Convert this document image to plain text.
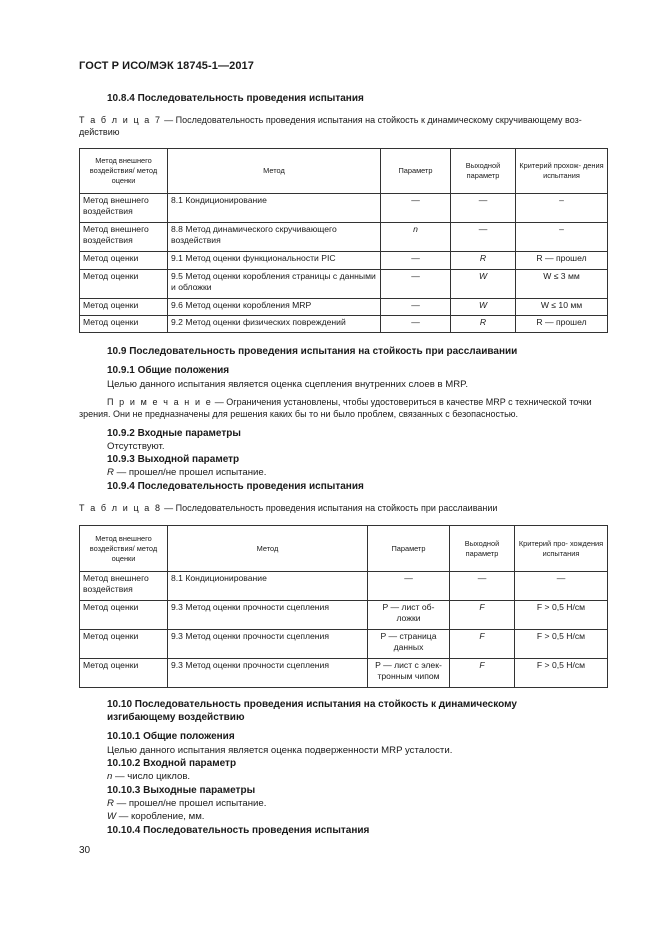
ГОСТ Р ИСО/МЭК 18745-1—2017
10.8.4 Последовательность проведения испытания
Т а б л и ц а 7 — Последовательность проведения испытания на стойкость к динамическому скручивающему воз-
действию
Метод внешнего воздействия/ метод оценки	Метод	Параметр	Выходной параметр	Критерий прохож- дения испытания
Метод внешнего воздействия	8.1 Кондиционирование	—	—	–
Метод внешнего воздействия	8.8 Метод динамического скручивающего воздействия	n	—	–
Метод оценки	9.1 Метод оценки функциональности PIC	—	R	R — прошел
Метод оценки	9.5 Метод оценки коробления страницы с данными и обложки	—	W	W ≤ 3 мм
Метод оценки	9.6 Метод оценки коробления MRP	—	W	W ≤ 10 мм
Метод оценки	9.2 Метод оценки физических повреждений	—	R	R — прошел
10.9 Последовательность проведения испытания на стойкость при расслаивании
10.9.1 Общие положения
Целью данного испытания является оценка сцепления внутренних слоев в MRP.
П р и м е ч а н и е — Ограничения установлены, чтобы удостовериться в качестве MRP с технической точки
зрения. Они не предназначены для решения каких бы то ни было проблем, связанных с безопасностью.
10.9.2 Входные параметры
Отсутствуют.
10.9.3 Выходной параметр
R — прошел/не прошел испытание.
10.9.4 Последовательность проведения испытания
Т а б л и ц а 8 — Последовательность проведения испытания на стойкость при расслаивании
Метод внешнего воздействия/ метод оценки	Метод	Параметр	Выходной параметр	Критерий про- хождения испытания
Метод внешнего воздействия	8.1 Кондиционирование	—	—	—
Метод оценки	9.3 Метод оценки прочности сцепления	P — лист об- ложки	F	F > 0,5 Н/см
Метод оценки	9.3 Метод оценки прочности сцепления	P — страница данных	F	F > 0,5 Н/см
Метод оценки	9.3 Метод оценки прочности сцепления	P — лист с элек- тронным чипом	F	F > 0,5 Н/см
10.10 Последовательность проведения испытания на стойкость к динамическому
изгибающему воздействию
10.10.1 Общие положения
Целью данного испытания является оценка подверженности MRP усталости.
10.10.2 Входной параметр
n — число циклов.
10.10.3 Выходные параметры
R — прошел/не прошел испытание.
W — коробление, мм.
10.10.4 Последовательность проведения испытания
30
